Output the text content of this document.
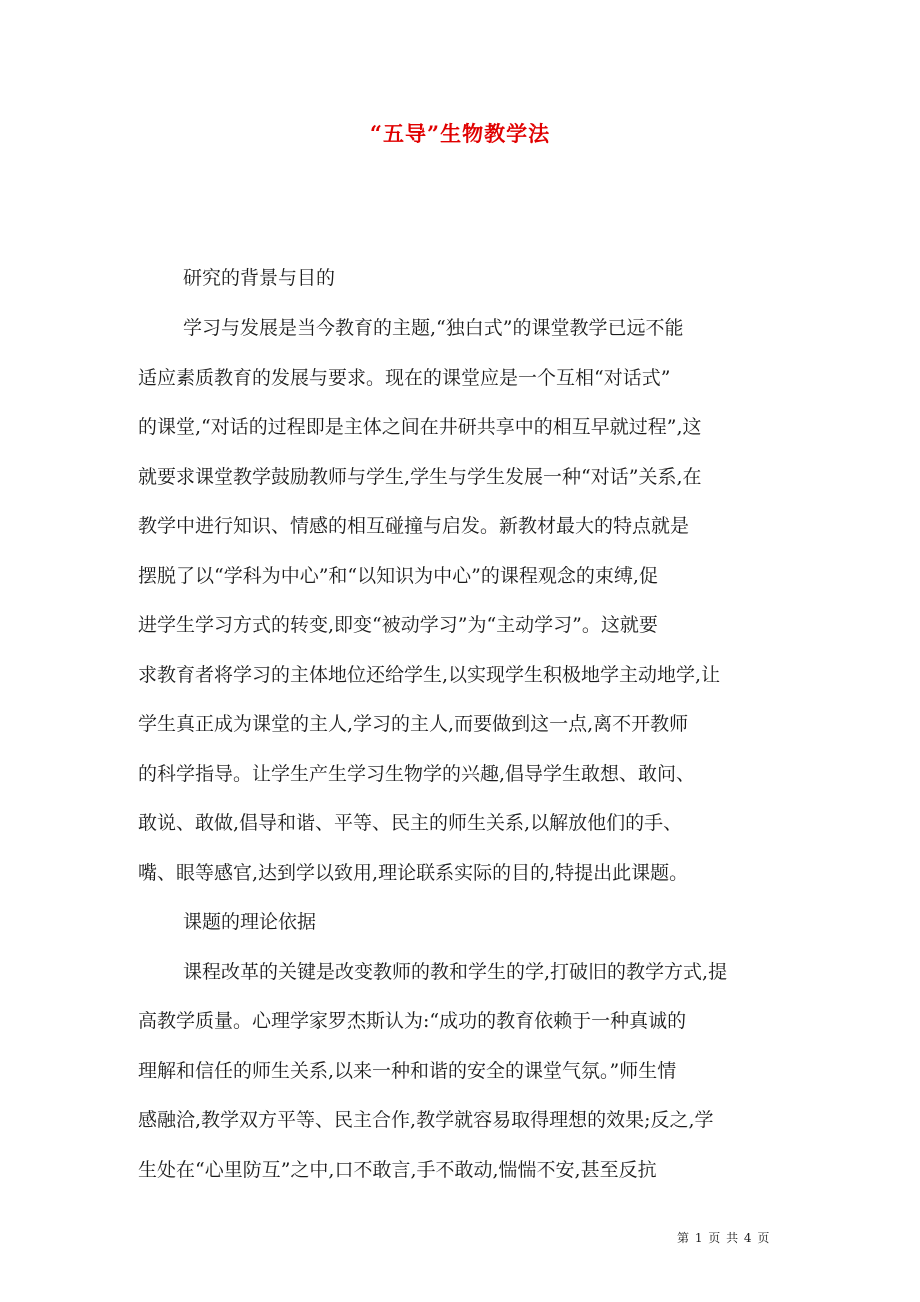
“五导”生物教学法
研究的背景与目的
学习与发展是当今教育的主题,“独白式”的课堂教学已远不能
适应素质教育的发展与要求。现在的课堂应是一个互相“对话式”
的课堂,“对话的过程即是主体之间在井研共享中的相互早就过程”,这
就要求课堂教学鼓励教师与学生,学生与学生发展一种“对话”关系,在
教学中进行知识、情感的相互碰撞与启发。新教材最大的特点就是
摆脱了以“学科为中心”和“以知识为中心”的课程观念的束缚,促
进学生学习方式的转变,即变“被动学习”为“主动学习”。这就要
求教育者将学习的主体地位还给学生,以实现学生积极地学主动地学,让
学生真正成为课堂的主人,学习的主人,而要做到这一点,离不开教师
的科学指导。让学生产生学习生物学的兴趣,倡导学生敢想、敢问、
敢说、敢做,倡导和谐、平等、民主的师生关系,以解放他们的手、
嘴、眼等感官,达到学以致用,理论联系实际的目的,特提出此课题。
课题的理论依据
课程改革的关键是改变教师的教和学生的学,打破旧的教学方式,提
高教学质量。心理学家罗杰斯认为:“成功的教育依赖于一种真诚的
理解和信任的师生关系,以来一种和谐的安全的课堂气氛。”师生情
感融洽,教学双方平等、民主合作,教学就容易取得理想的效果;反之,学
生处在“心里防互”之中,口不敢言,手不敢动,惴惴不安,甚至反抗
第 1 页 共 4 页
